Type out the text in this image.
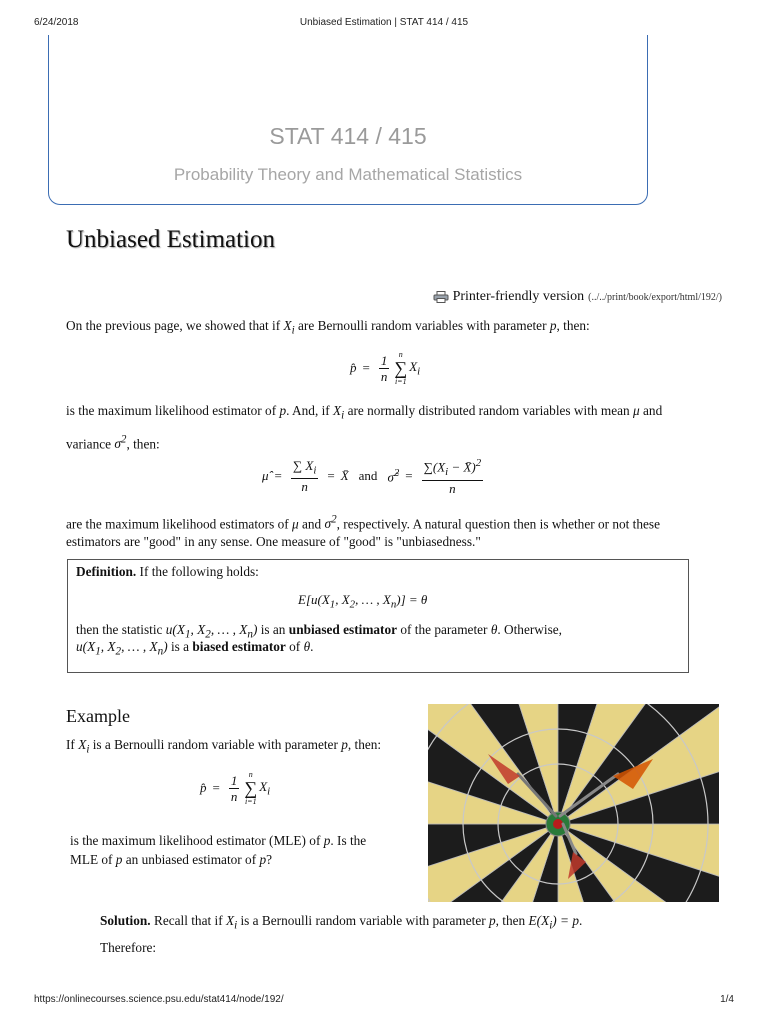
6/24/2018	Unbiased Estimation | STAT 414 / 415
STAT 414 / 415
Probability Theory and Mathematical Statistics
Unbiased Estimation
Printer-friendly version (../../print/book/export/html/192/)
On the previous page, we showed that if $X_i$ are Bernoulli random variables with parameter p, then:
p̂ = $\frac{1}{n}$ n
∑
i=1
$X_i$
is the maximum likelihood estimator of p. And, if $X_i$ are normally distributed random variables with mean μ and
variance $\sigma^2$, then:
μ̂ = $\frac{\sum X_i}{n}$ = X̄ and σ̂$^2$ = $\frac{\sum(X_i - X̄)^2}{n}$
are the maximum likelihood estimators of μ and $\sigma^2$, respectively. A natural question then is whether or not these
estimators are "good" in any sense. One measure of "good" is "unbiasedness."
Definition. If the following holds:
$E[u(X_1$, $X_2$, … , $X_n)] = \theta$
then the statistic $u(X_1$, $X_2$, … , $X_n$) is an unbiased estimator of the parameter θ. Otherwise,
$u(X_1$, $X_2$, … , $X_n$) is a biased estimator of θ.
Example
If $X_i$ is a Bernoulli random variable with parameter p, then:
p̂ = $\frac{1}{n}$ n
∑
i=1
$X_i$
is the maximum likelihood estimator (MLE) of p. Is the
MLE of p an unbiased estimator of p?
Solution. Recall that if $X_i$ is a Bernoulli random variable with parameter p, then $E(X_i) = p$.
Therefore:
https://onlinecourses.science.psu.edu/stat414/node/192/	1/4
